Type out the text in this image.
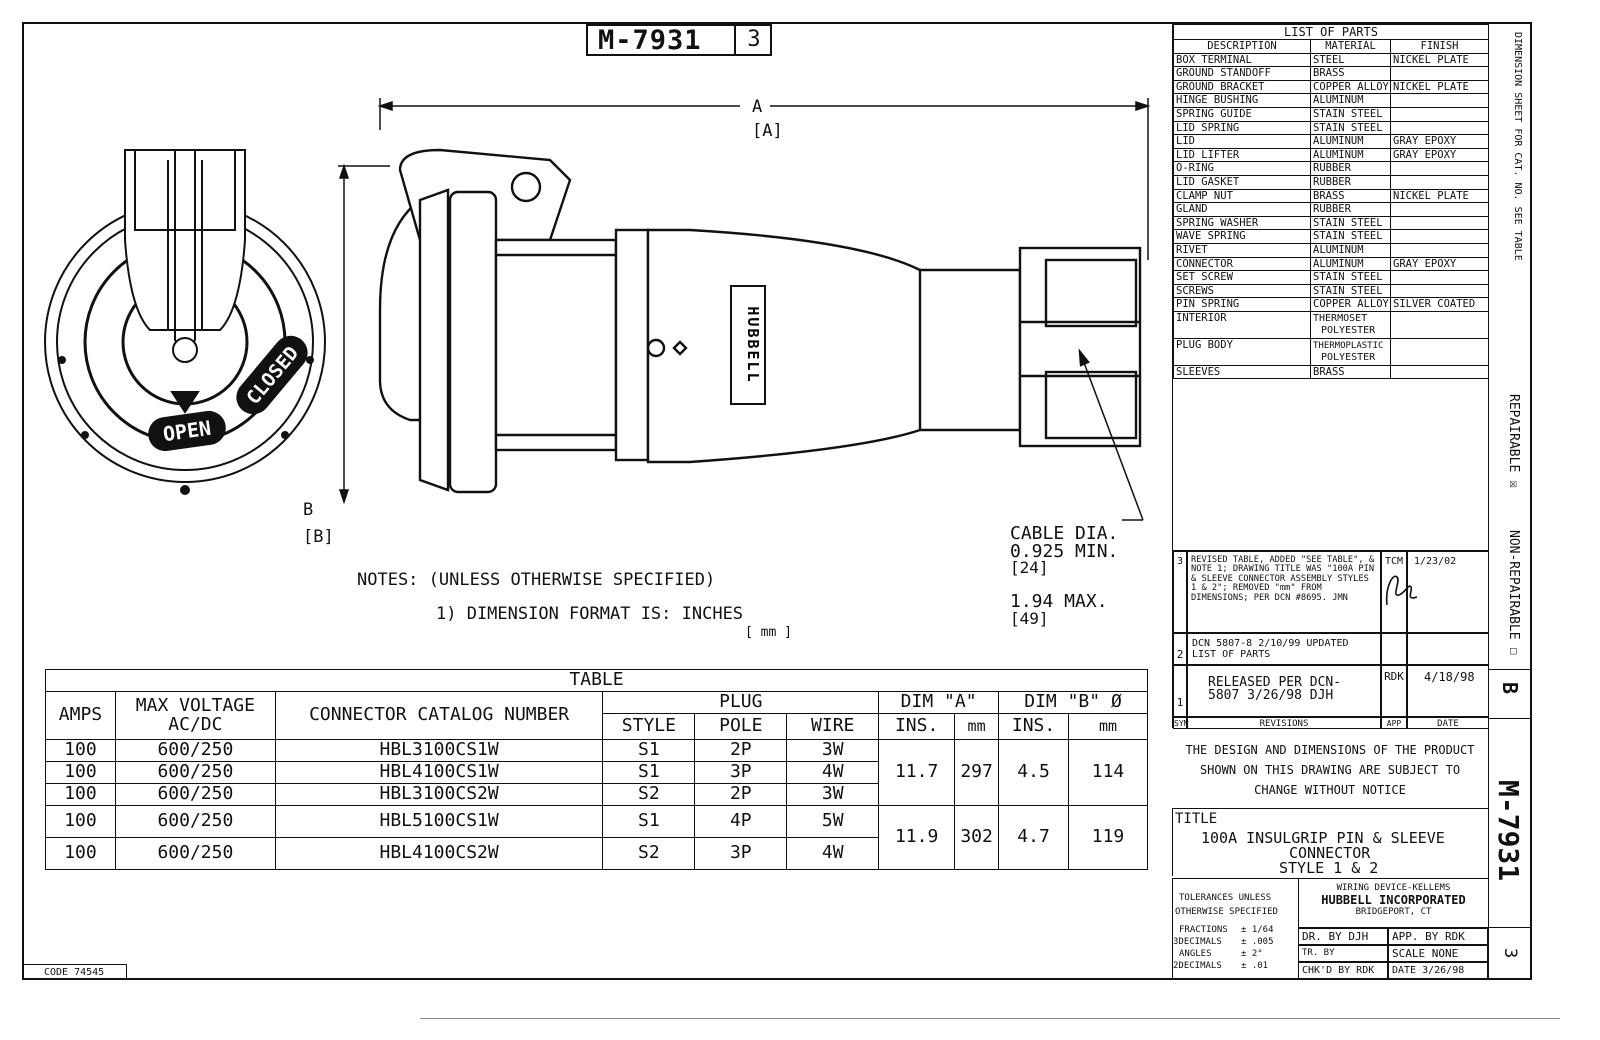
M-7931	3
OPEN
CLOSED	HUBBELL
A
[A]
B
[B]	CABLE DIA.
0.925 MIN.
[24]
1.94 MAX.
[49]
NOTES: (UNLESS OTHERWISE SPECIFIED)
1) DIMENSION FORMAT IS: INCHES
[ mm ]
TABLE									
AMPS	MAX VOLTAGE AC/DC	CONNECTOR CATALOG NUMBER	PLUG			DIM "A"		DIM "B" Ø	
			STYLE	POLE	WIRE	INS.	mm	INS.	mm
100	600/250	HBL3100CS1W	S1	2P	3W	11.7	297	4.5	114
100	600/250	HBL4100CS1W	S1	3P	4W				
100	600/250	HBL3100CS2W	S2	2P	3W				
100	600/250	HBL5100CS1W	S1	4P	5W	11.9	302	4.7	119
100	600/250	HBL4100CS2W	S2	3P	4W				
CODE 74545
LIST OF PARTS		
DESCRIPTION	MATERIAL	FINISH
BOX TERMINAL	STEEL	NICKEL PLATE
GROUND STANDOFF	BRASS	
GROUND BRACKET	COPPER ALLOY	NICKEL PLATE
HINGE BUSHING	ALUMINUM	
SPRING GUIDE	STAIN STEEL	
LID SPRING	STAIN STEEL	
LID	ALUMINUM	GRAY EPOXY
LID LIFTER	ALUMINUM	GRAY EPOXY
O-RING	RUBBER	
LID GASKET	RUBBER	
CLAMP NUT	BRASS	NICKEL PLATE
GLAND	RUBBER	
SPRING WASHER	STAIN STEEL	
WAVE SPRING	STAIN STEEL	
RIVET	ALUMINUM	
CONNECTOR	ALUMINUM	GRAY EPOXY
SET SCREW	STAIN STEEL	
SCREWS	STAIN STEEL	
PIN SPRING	COPPER ALLOY	SILVER COATED
INTERIOR	THERMOSET
POLYESTER	

PLUG BODY	THERMOPLASTIC
POLYESTER	

SLEEVES	BRASS	
3 REVISED TABLE, ADDED "SEE TABLE", & NOTE 1; DRAWING TITLE WAS "100A PIN & SLEEVE CONNECTOR ASSEMBLY STYLES 1 & 2"; REMOVED "mm" FROM DIMENSIONS; PER DCN #8695. JMN
TCM	1/23/02
2
DCN 5807-8 2/10/99 UPDATED LIST OF PARTS
1
RELEASED PER DCN-5807 3/26/98 DJH
RDK	4/18/98
SYM	REVISIONS	APP	DATE
THE DESIGN AND DIMENSIONS OF THE PRODUCT SHOWN ON THIS DRAWING ARE SUBJECT TO CHANGE WITHOUT NOTICE
TITLE
100A INSULGRIP PIN & SLEEVE
CONNECTOR
STYLE 1 & 2
TOLERANCES UNLESS
OTHERWISE SPECIFIED
FRACTIONS ± 1/64
3DECIMALS ± .005
ANGLES	± 2°
2DECIMALS ± .01
WIRING DEVICE-KELLEMS
HUBBELL INCORPORATED
BRIDGEPORT, CT
DR. BY DJH	APP. BY RDK
TR. BY	SCALE NONE
CHK'D BY RDK	DATE 3/26/98
DIMENSION SHEET FOR CAT. NO. SEE TABLE
REPAIRABLE ☒
NON-REPAIRABLE ☐
B
M-7931
3
